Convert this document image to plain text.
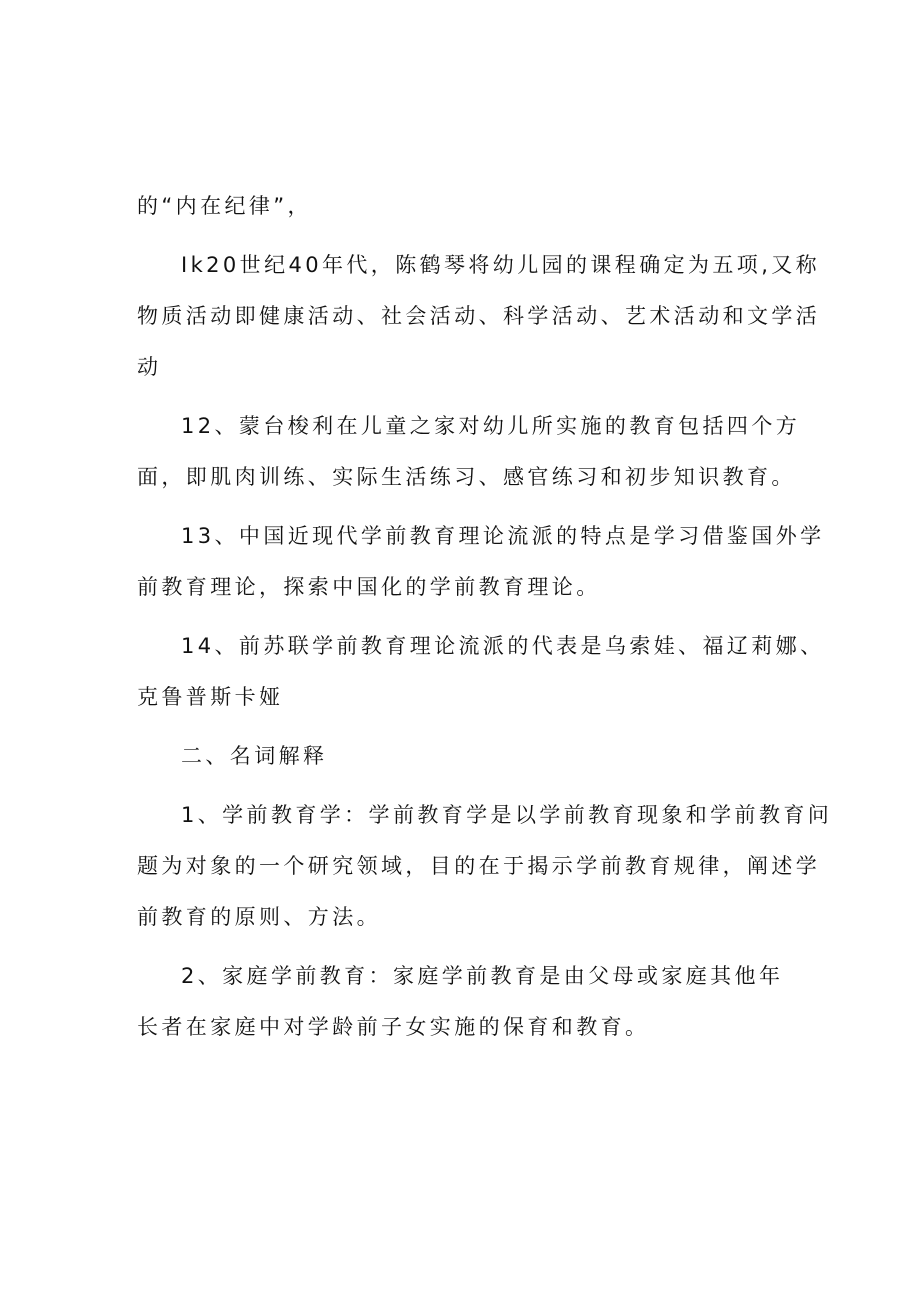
的“内在纪律”，
Ik20世纪40年代，陈鹤琴将幼儿园的课程确定为五项,又称
物质活动即健康活动、社会活动、科学活动、艺术活动和文学活
动
12、蒙台梭利在儿童之家对幼儿所实施的教育包括四个方
面，即肌肉训练、实际生活练习、感官练习和初步知识教育。
13、中国近现代学前教育理论流派的特点是学习借鉴国外学
前教育理论，探索中国化的学前教育理论。
14、前苏联学前教育理论流派的代表是乌索娃、福辽莉娜、
克鲁普斯卡娅
二、名词解释
1、学前教育学：学前教育学是以学前教育现象和学前教育问
题为对象的一个研究领域，目的在于揭示学前教育规律，阐述学
前教育的原则、方法。
2、家庭学前教育：家庭学前教育是由父母或家庭其他年
长者在家庭中对学龄前子女实施的保育和教育。
